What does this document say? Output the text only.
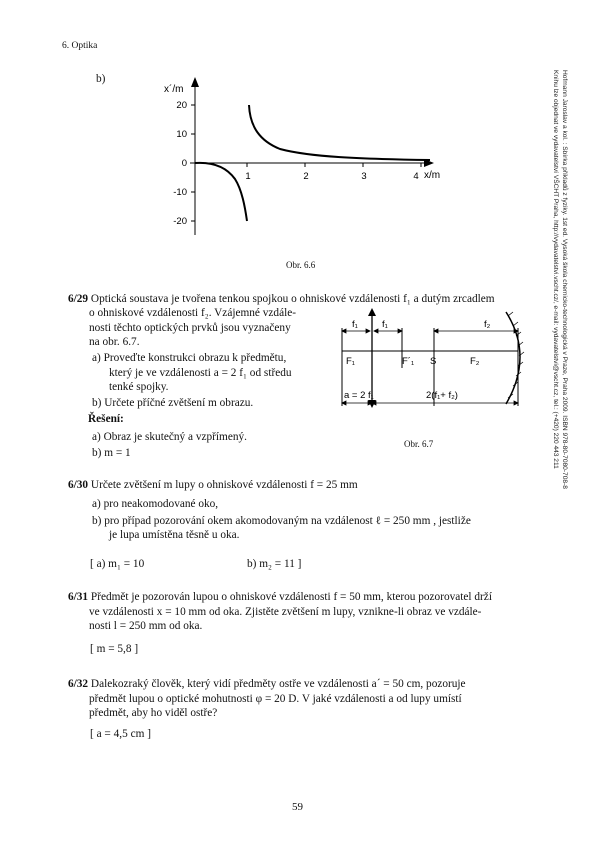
6. Optika
Hofmann Jaroslav a kol. : Sbírka příkladů z fyziky. 1st ed. Vysoká škola chemicko-technologická v Praze, Praha 2009. ISBN 978-80-7080-708-8
Knihu lze objednat ve vydavatelství VŠCHT Praha, http://vydavatelstvi.vscht.cz/, e-mail: vydavatelstvi@vscht.cz, tel.: (+420) 220 443 211
b)
20
10
0
-10
-20
1	2	3	4
x´/m
x/m
Obr. 6.6
6/29 Optická soustava je tvořena tenkou spojkou o ohniskové vzdálenosti f₁ a dutým zrcadlem
o ohniskové vzdálenosti f₂. Vzájemné vzdále-
nosti těchto optických prvků jsou vyznačeny
na obr. 6.7.
a) Proveďte konstrukci obrazu k předmětu,
který je ve vzdálenosti a = 2 f₁ od středu
tenké spojky.
b) Určete příčné zvětšení m obrazu.
Řešení:
a) Obraz je skutečný a vzpřímený.
b) m = 1
f₁	f₁	f₂
F₁	F´₁ S	F₂
a = 2 f₁	2(f₁+ f₂)
Obr. 6.7
6/30 Určete zvětšení m lupy o ohniskové vzdálenosti f = 25 mm
a) pro neakomodované oko,
b) pro případ pozorování okem akomodovaným na vzdálenost ℓ = 250 mm , jestliže
je lupa umístěna těsně u oka.
[ a) m₁ = 10	b) m₂ = 11 ]
6/31 Předmět je pozorován lupou o ohniskové vzdálenosti f = 50 mm, kterou pozorovatel drží
ve vzdálenosti x = 10 mm od oka. Zjistěte zvětšení m lupy, vznikne-li obraz ve vzdále-
nosti l = 250 mm od oka.
[ m = 5,8 ]
6/32 Dalekozraký člověk, který vidí předměty ostře ve vzdálenosti a´ = 50 cm, pozoruje
předmět lupou o optické mohutnosti φ = 20 D. V jaké vzdálenosti a od lupy umístí
předmět, aby ho viděl ostře?
[ a = 4,5 cm ]
59
